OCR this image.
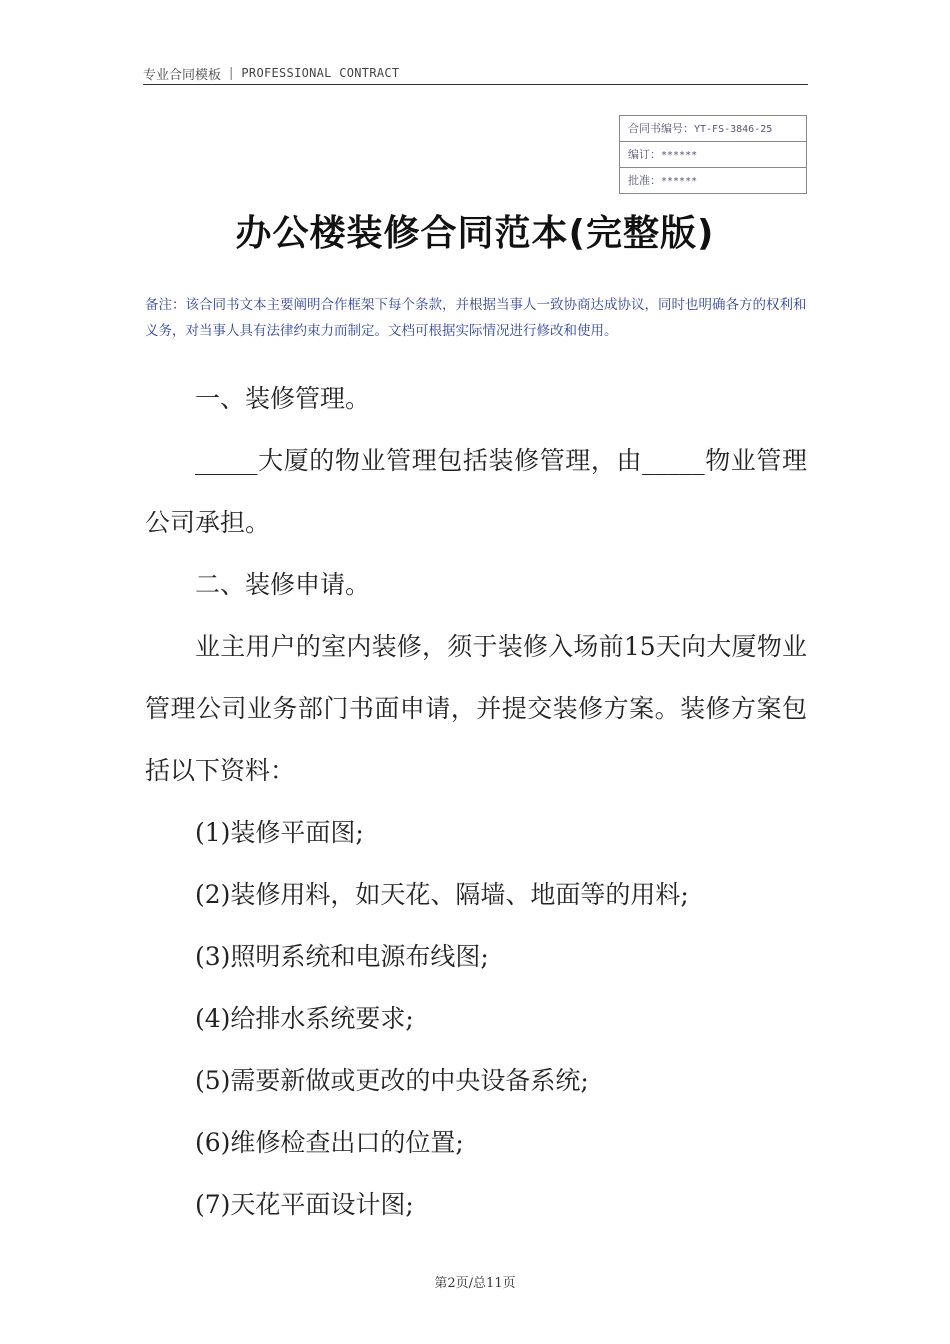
专业合同模板 | PROFESSIONAL CONTRACT
合同书编号：YT-FS-3846-25
编订：******
批准：******
办公楼装修合同范本(完整版)
备注：该合同书文本主要阐明合作框架下每个条款，并根据当事人一致协商达成协议，同时也明确各方的权利和义务，对当事人具有法律约束力而制定。文档可根据实际情况进行修改和使用。

一、装修管理。

_____大厦的物业管理包括装修管理，由_____物业管理公司承担。

二、装修申请。

业主用户的室内装修，须于装修入场前15天向大厦物业管理公司业务部门书面申请，并提交装修方案。装修方案包括以下资料：

(1)装修平面图;

(2)装修用料，如天花、隔墙、地面等的用料;

(3)照明系统和电源布线图;

(4)给排水系统要求;

(5)需要新做或更改的中央设备系统;

(6)维修检查出口的位置;

(7)天花平面设计图;

第2页/总11页
